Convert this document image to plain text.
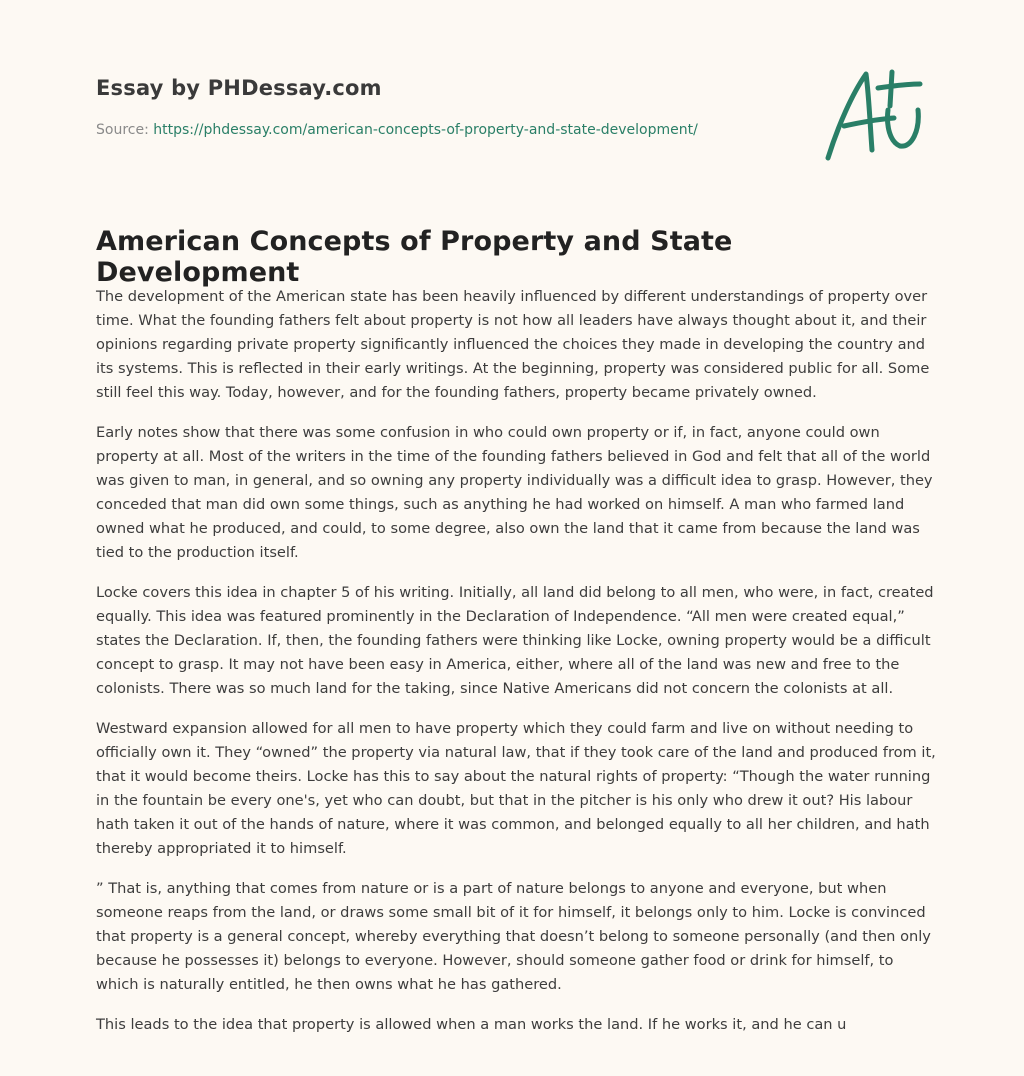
Essay by PHDessay.com
Source: https://phdessay.com/american-concepts-of-property-and-state-development/
American Concepts of Property and State Development

The development of the American state has been heavily influenced by different understandings of property over time. What the founding fathers felt about property is not how all leaders have always thought about it, and their opinions regarding private property significantly influenced the choices they made in developing the country and its systems. This is reflected in their early writings. At the beginning, property was considered public for all. Some still feel this way. Today, however, and for the founding fathers, property became privately owned.

Early notes show that there was some confusion in who could own property or if, in fact, anyone could own property at all. Most of the writers in the time of the founding fathers believed in God and felt that all of the world was given to man, in general, and so owning any property individually was a difficult idea to grasp. However, they conceded that man did own some things, such as anything he had worked on himself. A man who farmed land owned what he produced, and could, to some degree, also own the land that it came from because the land was tied to the production itself.

Locke covers this idea in chapter 5 of his writing. Initially, all land did belong to all men, who were, in fact, created equally. This idea was featured prominently in the Declaration of Independence. “All men were created equal,” states the Declaration. If, then, the founding fathers were thinking like Locke, owning property would be a difficult concept to grasp. It may not have been easy in America, either, where all of the land was new and free to the colonists. There was so much land for the taking, since Native Americans did not concern the colonists at all.

Westward expansion allowed for all men to have property which they could farm and live on without needing to officially own it. They “owned” the property via natural law, that if they took care of the land and produced from it, that it would become theirs. Locke has this to say about the natural rights of property: “Though the water running in the fountain be every one's, yet who can doubt, but that in the pitcher is his only who drew it out? His labour hath taken it out of the hands of nature, where it was common, and belonged equally to all her children, and hath thereby appropriated it to himself.

” That is, anything that comes from nature or is a part of nature belongs to anyone and everyone, but when someone reaps from the land, or draws some small bit of it for himself, it belongs only to him. Locke is convinced that property is a general concept, whereby everything that doesn’t belong to someone personally (and then only because he possesses it) belongs to everyone. However, should someone gather food or drink for himself, to which is naturally entitled, he then owns what he has gathered.

This leads to the idea that property is allowed when a man works the land. If he works it, and he can u
